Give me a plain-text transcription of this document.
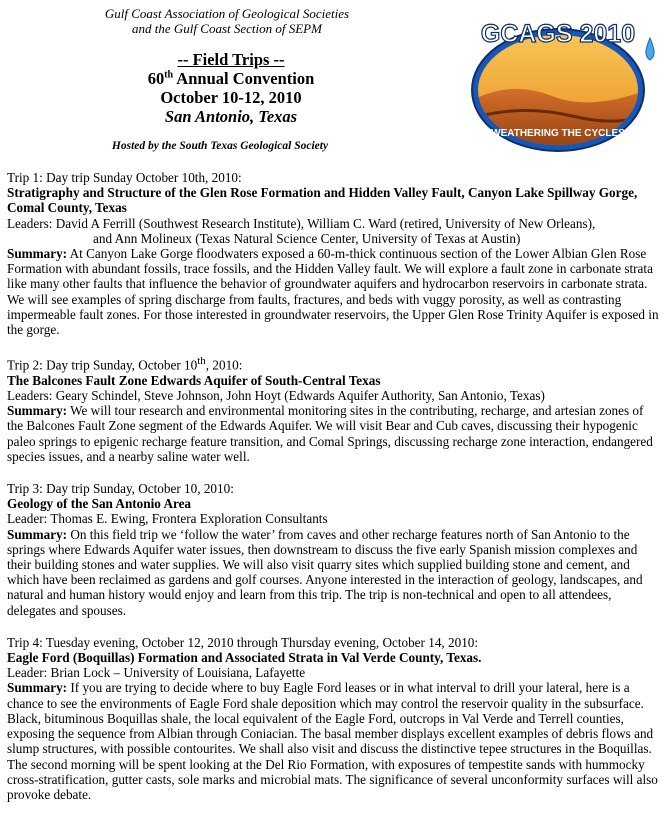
Gulf Coast Association of Geological Societies
and the Gulf Coast Section of SEPM
-- Field Trips --
60th Annual Convention
October 10-12, 2010
San Antonio, Texas
Hosted by the South Texas Geological Society
GCAGS 2010
WEATHERING THE CYCLES

Trip 1: Day trip Sunday October 10th, 2010:

Stratigraphy and Structure of the Glen Rose Formation and Hidden Valley Fault, Canyon Lake Spillway Gorge, Comal County, Texas

Leaders: David A Ferrill (Southwest Research Institute), William C. Ward (retired, University of New Orleans),

and Ann Molineux (Texas Natural Science Center, University of Texas at Austin)

Summary: At Canyon Lake Gorge floodwaters exposed a 60-m-thick continuous section of the Lower Albian Glen Rose Formation with abundant fossils, trace fossils, and the Hidden Valley fault. We will explore a fault zone in carbonate strata like many other faults that influence the behavior of groundwater aquifers and hydrocarbon reservoirs in carbonate strata. We will see examples of spring discharge from faults, fractures, and beds with vuggy porosity, as well as contrasting impermeable fault zones. For those interested in groundwater reservoirs, the Upper Glen Rose Trinity Aquifer is exposed in the gorge.

Trip 2: Day trip Sunday, October 10th, 2010:

The Balcones Fault Zone Edwards Aquifer of South-Central Texas

Leaders: Geary Schindel, Steve Johnson, John Hoyt (Edwards Aquifer Authority, San Antonio, Texas)

Summary: We will tour research and environmental monitoring sites in the contributing, recharge, and artesian zones of the Balcones Fault Zone segment of the Edwards Aquifer. We will visit Bear and Cub caves, discussing their hypogenic paleo springs to epigenic recharge feature transition, and Comal Springs, discussing recharge zone interaction, endangered species issues, and a nearby saline water well.

Trip 3: Day trip Sunday, October 10, 2010:

Geology of the San Antonio Area

Leader: Thomas E. Ewing, Frontera Exploration Consultants

Summary: On this field trip we ‘follow the water’ from caves and other recharge features north of San Antonio to the springs where Edwards Aquifer water issues, then downstream to discuss the five early Spanish mission complexes and their building stones and water supplies. We will also visit quarry sites which supplied building stone and cement, and which have been reclaimed as gardens and golf courses. Anyone interested in the interaction of geology, landscapes, and natural and human history would enjoy and learn from this trip. The trip is non-technical and open to all attendees, delegates and spouses.

Trip 4: Tuesday evening, October 12, 2010 through Thursday evening, October 14, 2010:

Eagle Ford (Boquillas) Formation and Associated Strata in Val Verde County, Texas.

Leader: Brian Lock – University of Louisiana, Lafayette

Summary: If you are trying to decide where to buy Eagle Ford leases or in what interval to drill your lateral, here is a chance to see the environments of Eagle Ford shale deposition which may control the reservoir quality in the subsurface. Black, bituminous Boquillas shale, the local equivalent of the Eagle Ford, outcrops in Val Verde and Terrell counties, exposing the sequence from Albian through Coniacian. The basal member displays excellent examples of debris flows and slump structures, with possible contourites. We shall also visit and discuss the distinctive tepee structures in the Boquillas. The second morning will be spent looking at the Del Rio Formation, with exposures of tempestite sands with hummocky cross-stratification, gutter casts, sole marks and microbial mats. The significance of several unconformity surfaces will also provoke debate.
